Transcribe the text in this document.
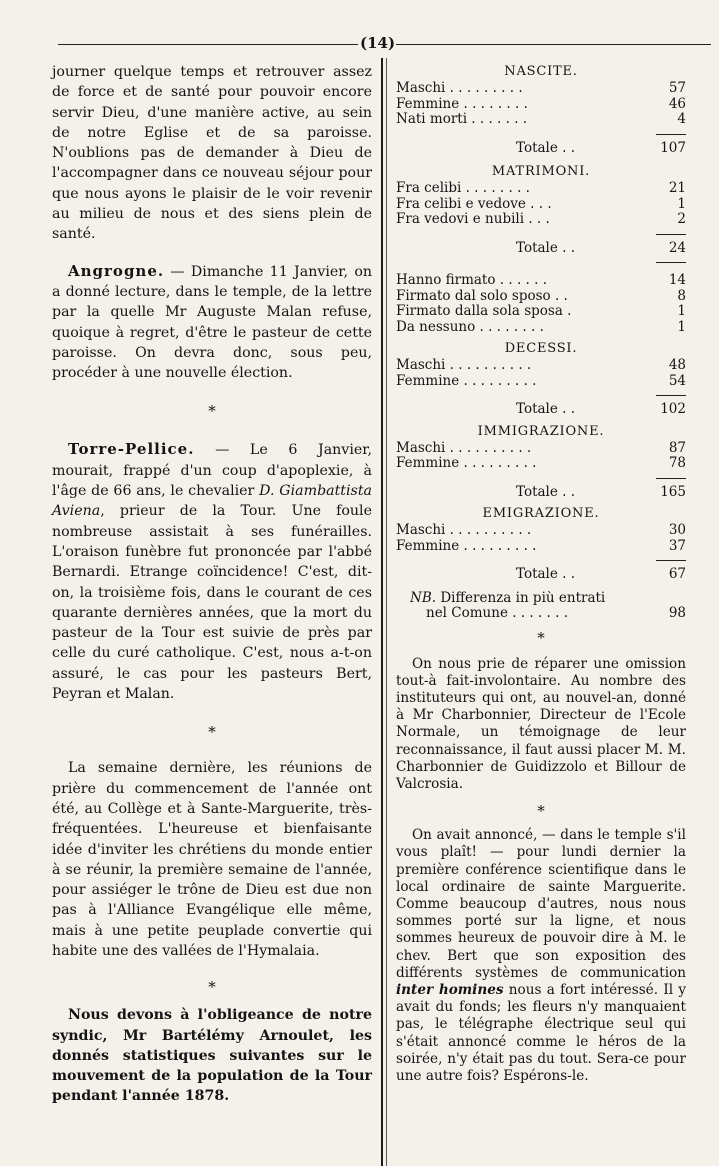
(14)

journer quelque temps et retrouver assez de force et de santé pour pouvoir encore servir Dieu, d'une manière active, au sein de notre Eglise et de sa paroisse. N'oublions pas de demander à Dieu de l'accompagner dans ce nouveau séjour pour que nous ayons le plaisir de le voir revenir au milieu de nous et des siens plein de santé.

Angrogne. — Dimanche 11 Janvier, on a donné lecture, dans le temple, de la lettre par la quelle Mr Auguste Malan refuse, quoique à regret, d'être le pasteur de cette paroisse. On devra donc, sous peu, procéder à une nouvelle élection.

*

Torre-Pellice. — Le 6 Janvier, mourait, frappé d'un coup d'apoplexie, à l'âge de 66 ans, le chevalier D. Giambattista Aviena, prieur de la Tour. Une foule nombreuse assistait à ses funérailles. L'oraison funèbre fut prononcée par l'abbé Bernardi. Etrange coïncidence! C'est, dit-on, la troisième fois, dans le courant de ces quarante dernières années, que la mort du pasteur de la Tour est suivie de près par celle du curé catholique. C'est, nous a-t-on assuré, le cas pour les pasteurs Bert, Peyran et Malan.

*

La semaine dernière, les réunions de prière du commencement de l'année ont été, au Collège et à Sante-Marguerite, très-fréquentées. L'heureuse et bienfaisante idée d'inviter les chrétiens du monde entier à se réunir, la première semaine de l'année, pour assiéger le trône de Dieu est due non pas à l'Alliance Evangélique elle même, mais à une petite peuplade convertie qui habite une des vallées de l'Hymalaia.

*

Nous devons à l'obligeance de notre syndic, Mr Bartélémy Arnoulet, les donnés statistiques suivantes sur le mouvement de la population de la Tour pendant l'année 1878.

NASCITE.
Maschi . . . . . . . . .	57
Femmine . . . . . . . .	46
Nati morti . . . . . . .	4
Totale . .	107
MATRIMONI.
Fra celibi . . . . . . . .	21
Fra celibi e vedove . . .	1
Fra vedovi e nubili . . .	2
Totale . .	24
Hanno firmato . . . . . .	14
Firmato dal solo sposo . .	8
Firmato dalla sola sposa .	1
Da nessuno . . . . . . . .	1
DECESSI.
Maschi . . . . . . . . . .	48
Femmine . . . . . . . . .	54
Totale . .	102
IMMIGRAZIONE.
Maschi . . . . . . . . . .	87
Femmine . . . . . . . . .	78
Totale . .	165
EMIGRAZIONE.
Maschi . . . . . . . . . .	30
Femmine . . . . . . . . .	37
Totale . .	67
NB. Differenza in più entrati
nel Comune . . . . . . .	98
*

On nous prie de réparer une omission tout-à fait-involontaire. Au nombre des instituteurs qui ont, au nouvel-an, donné à Mr Charbonnier, Directeur de l'Ecole Normale, un témoignage de leur reconnaissance, il faut aussi placer M. M. Charbonnier de Guidizzolo et Billour de Valcrosia.

*

On avait annoncé, — dans le temple s'il vous plaît! — pour lundi dernier la première conférence scientifique dans le local ordinaire de sainte Marguerite. Comme beaucoup d'autres, nous nous sommes porté sur la ligne, et nous sommes heureux de pouvoir dire à M. le chev. Bert que son exposition des différents systèmes de communication inter homines nous a fort intéressé. Il y avait du fonds; les fleurs n'y manquaient pas, le télégraphe électrique seul qui s'était annoncé comme le héros de la soirée, n'y était pas du tout. Sera-ce pour une autre fois? Espérons-le.
